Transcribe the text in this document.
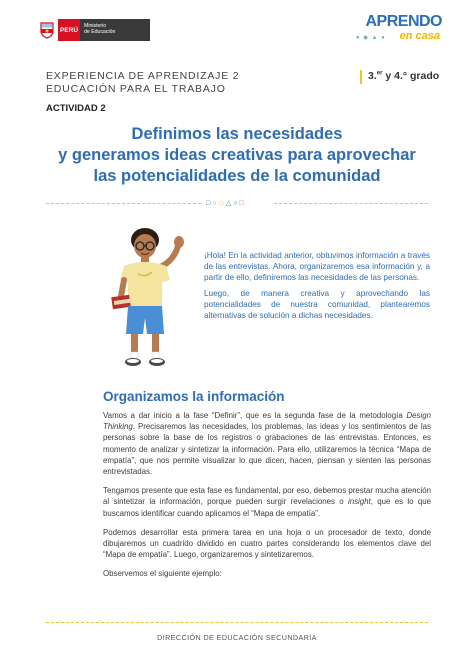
PERÚ
Ministerio
de Educación
APRENDO
en casa
● ◆ ▲ ●
EXPERIENCIA DE APRENDIZAJE 2
EDUCACIÓN PARA EL TRABAJO
3.$^{er}$ y 4.° grado
ACTIVIDAD 2
Definimos las necesidades
y generamos ideas creativas para aprovechar
las potencialidades de la comunidad
□○◇△○□

¡Hola! En la actividad anterior, obtuvimos información a través de las entrevistas. Ahora, organizaremos esa información y, a partir de ello, definiremos las necesidades de las personas.

Luego, de manera creativa y aprovechando las potencialidades de nuestra comunidad, plantearemos alternativas de solución a dichas necesidades.

Organizamos la información

Vamos a dar inicio a la fase “Definir”, que es la segunda fase de la metodología Design Thinking. Precisaremos las necesidades, los problemas, las ideas y los sentimientos de las personas sobre la base de los registros o grabaciones de las entrevistas. Entonces, es momento de analizar y sintetizar la información. Para ello, utilizaremos la técnica “Mapa de empatía”, que nos permite visualizar lo que dicen, hacen, piensan y sienten las personas entrevistadas.

Tengamos presente que esta fase es fundamental, por eso, debemos prestar mucha atención al sintetizar la información, porque pueden surgir revelaciones o insight, que es lo que buscamos identificar cuando aplicamos el “Mapa de empatía”.

Podemos desarrollar esta primera tarea en una hoja o un procesador de texto, donde dibujaremos un cuadrido dividido en cuatro partes considerando los elementos clave del “Mapa de empatía”. Luego, organizaremos y sintetizaremos.

Observemos el siguiente ejemplo:

DIRECCIÓN DE EDUCACIÓN SECUNDARIA
